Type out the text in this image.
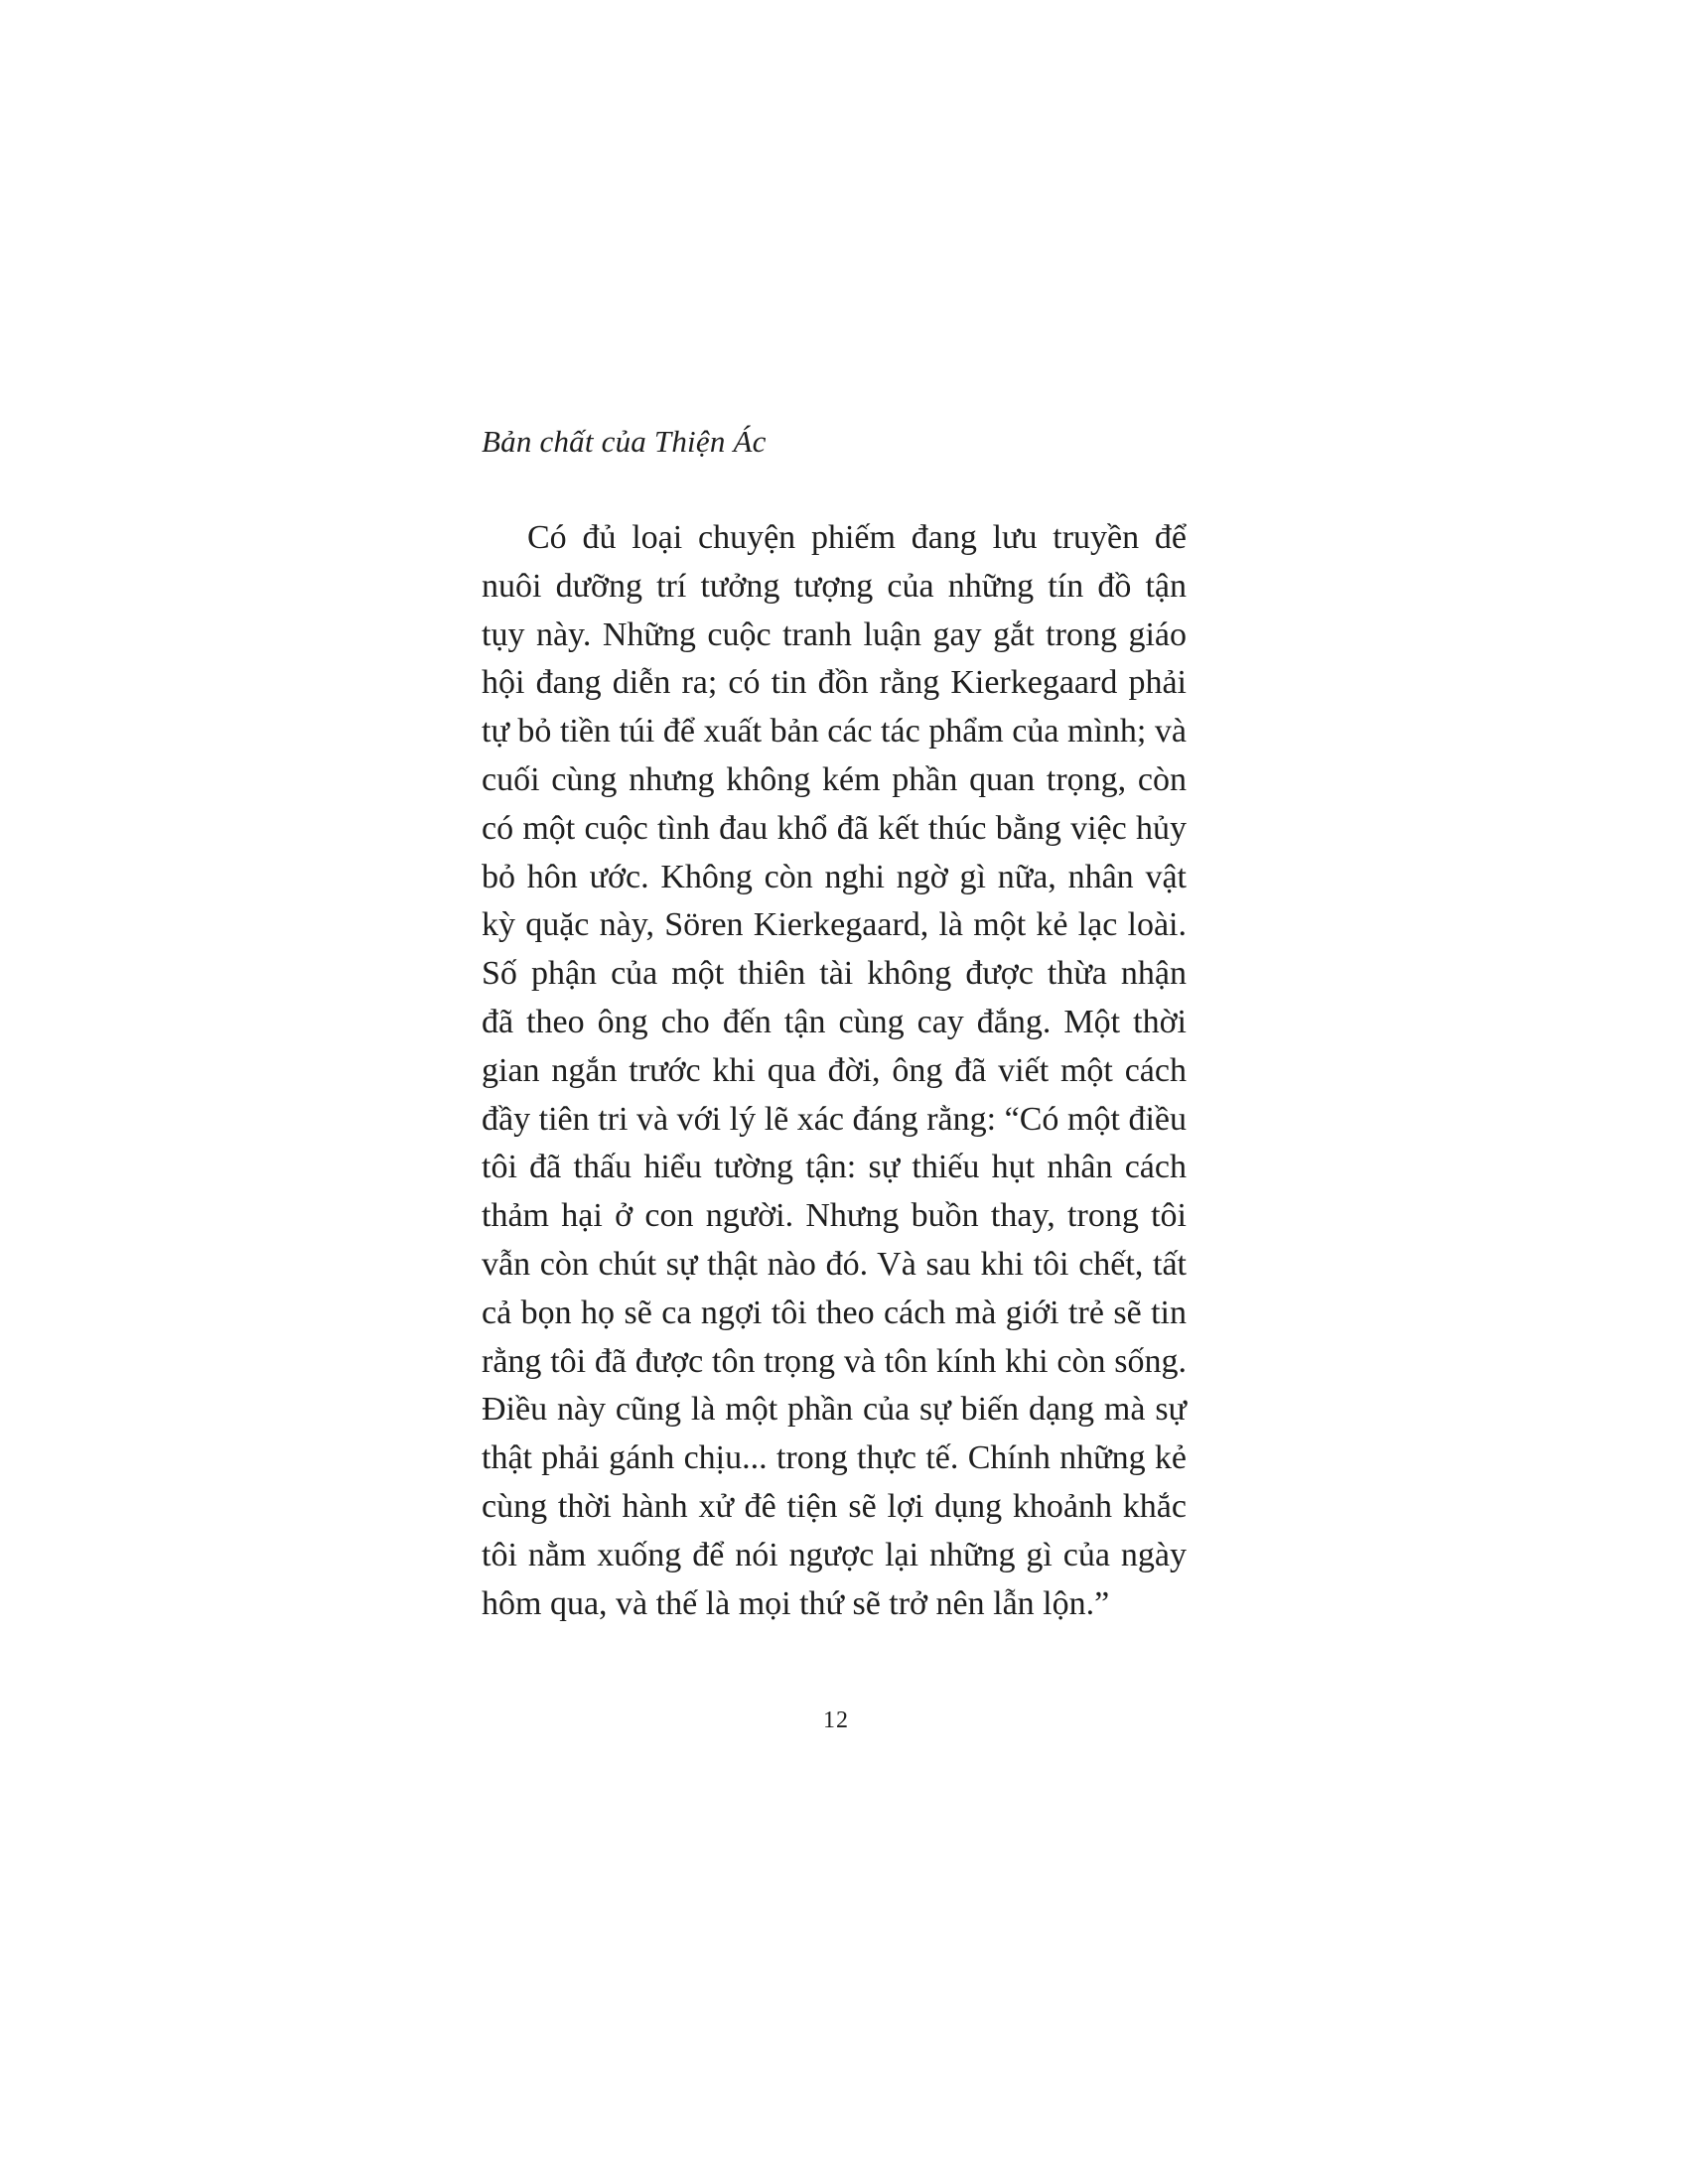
Bản chất của Thiện Ác
Có đủ loại chuyện phiếm đang lưu truyền để
nuôi dưỡng trí tưởng tượng của những tín đồ tận
tụy này. Những cuộc tranh luận gay gắt trong giáo
hội đang diễn ra; có tin đồn rằng Kierkegaard phải
tự bỏ tiền túi để xuất bản các tác phẩm của mình; và
cuối cùng nhưng không kém phần quan trọng, còn
có một cuộc tình đau khổ đã kết thúc bằng việc hủy
bỏ hôn ước. Không còn nghi ngờ gì nữa, nhân vật
kỳ quặc này, Sören Kierkegaard, là một kẻ lạc loài.
Số phận của một thiên tài không được thừa nhận
đã theo ông cho đến tận cùng cay đắng. Một thời
gian ngắn trước khi qua đời, ông đã viết một cách
đầy tiên tri và với lý lẽ xác đáng rằng: “Có một điều
tôi đã thấu hiểu tường tận: sự thiếu hụt nhân cách
thảm hại ở con người. Nhưng buồn thay, trong tôi
vẫn còn chút sự thật nào đó. Và sau khi tôi chết, tất
cả bọn họ sẽ ca ngợi tôi theo cách mà giới trẻ sẽ tin
rằng tôi đã được tôn trọng và tôn kính khi còn sống.
Điều này cũng là một phần của sự biến dạng mà sự
thật phải gánh chịu... trong thực tế. Chính những kẻ
cùng thời hành xử đê tiện sẽ lợi dụng khoảnh khắc
tôi nằm xuống để nói ngược lại những gì của ngày
hôm qua, và thế là mọi thứ sẽ trở nên lẫn lộn.”
12
